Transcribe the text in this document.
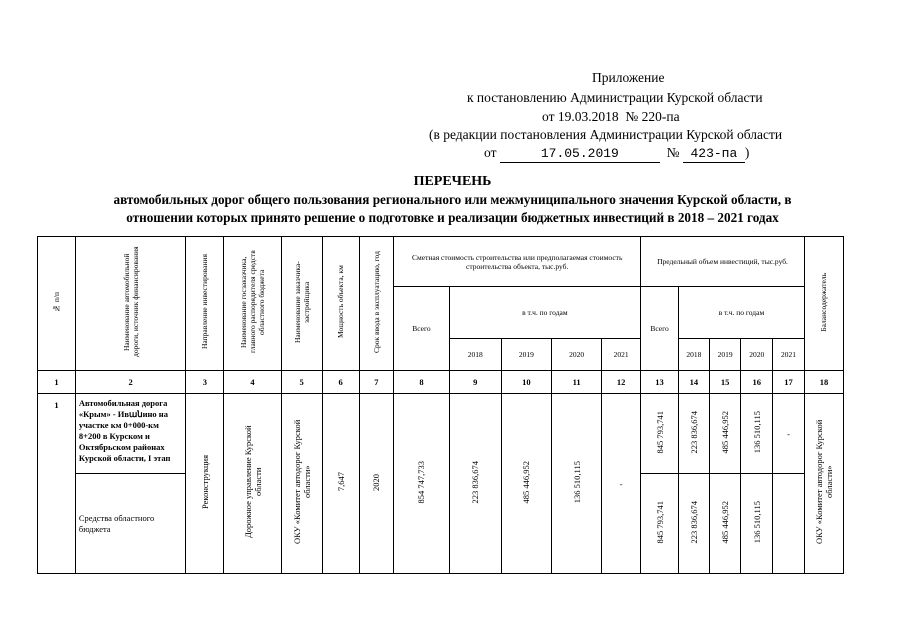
Приложение
к постановлению Администрации Курской области
от 19.03.2018 № 220-па
(в редакции постановления Администрации Курской области
от	17.05.2019	№ 423-па )
ПЕРЕЧЕНЬ
автомобильных дорог общего пользования регионального или межмуниципального значения Курской области, в
отношении которых принято решение о подготовке и реализации бюджетных инвестиций в 2018 – 2021 годах
№ п/п	Наименование автомобильной дороги, источник финансирования	Направление инвестирования	Наименование госзаказчика, главного распорядителя средств областного бюджета	Наименование заказчика-застройщика	Мощность объекта, км	Срок ввода в эксплуатацию, год	Сметная стоимость строительства или предполагаемая стоимость строительства объекта, тыс.руб.					Предельный объем инвестиций, тыс.руб.					Балансодержатель
							Всего	в т.ч. по годам				Всего	в т.ч. по годам				
								2018	2019	2020	2021		2018	2019	2020	2021	
1	2	3	4	5	6	7	8	9	10	11	12	13	14	15	16	17	18
1	Автомобильная дорога «Крым» - Ивանино на участке км 0+000-км 8+200 в Курском и Октябрьском районах Курской области, I этап	Реконструкция	Дорожное управление Курской области	ОКУ «Комитет автодорог Курской области»	7,647	2020	854 747,733	223 836,674	485 446,952	136 510,115	-	845 793,741	223 836,674	485 446,952	136 510,115	-	ОКУ «Комитет автодорог Курской области»
	Средства областного бюджета											845 793,741	223 836,674	485 446,952	136 510,115		
